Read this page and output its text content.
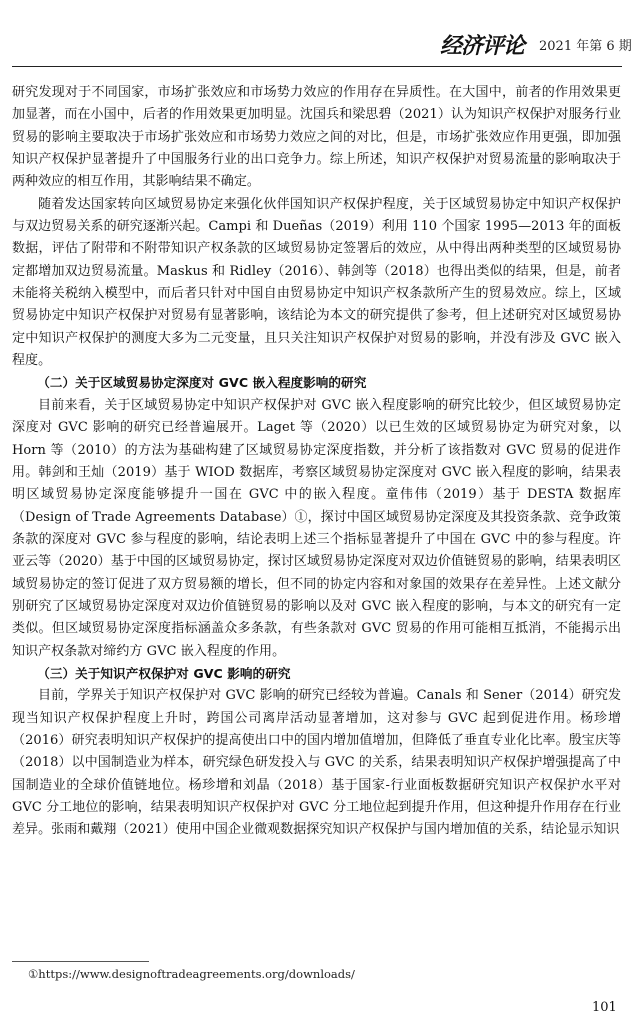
经济评论 2021 年第 6 期

研究发现对于不同国家，市场扩张效应和市场势力效应的作用存在异质性。在大国中，前者的作用效果更加显著，而在小国中，后者的作用效果更加明显。沈国兵和梁思碧（2021）认为知识产权保护对服务行业贸易的影响主要取决于市场扩张效应和市场势力效应之间的对比，但是，市场扩张效应作用更强，即加强知识产权保护显著提升了中国服务行业的出口竞争力。综上所述，知识产权保护对贸易流量的影响取决于两种效应的相互作用，其影响结果不确定。

随着发达国家转向区域贸易协定来强化伙伴国知识产权保护程度，关于区域贸易协定中知识产权保护与双边贸易关系的研究逐渐兴起。Campi 和 Dueñas（2019）利用 110 个国家 1995—2013 年的面板数据，评估了附带和不附带知识产权条款的区域贸易协定签署后的效应，从中得出两种类型的区域贸易协定都增加双边贸易流量。Maskus 和 Ridley（2016）、韩剑等（2018）也得出类似的结果，但是，前者未能将关税纳入模型中，而后者只针对中国自由贸易协定中知识产权条款所产生的贸易效应。综上，区域贸易协定中知识产权保护对贸易有显著影响，该结论为本文的研究提供了参考，但上述研究对区域贸易协定中知识产权保护的测度大多为二元变量，且只关注知识产权保护对贸易的影响，并没有涉及 GVC 嵌入程度。

（二）关于区域贸易协定深度对 GVC 嵌入程度影响的研究

目前来看，关于区域贸易协定中知识产权保护对 GVC 嵌入程度影响的研究比较少，但区域贸易协定深度对 GVC 影响的研究已经普遍展开。Laget 等（2020）以已生效的区域贸易协定为研究对象，以 Horn 等（2010）的方法为基础构建了区域贸易协定深度指数，并分析了该指数对 GVC 贸易的促进作用。韩剑和王灿（2019）基于 WIOD 数据库，考察区域贸易协定深度对 GVC 嵌入程度的影响，结果表明区域贸易协定深度能够提升一国在 GVC 中的嵌入程度。童伟伟（2019）基于 DESTA 数据库（Design of Trade Agreements Database）①，探讨中国区域贸易协定深度及其投资条款、竞争政策条款的深度对 GVC 参与程度的影响，结论表明上述三个指标显著提升了中国在 GVC 中的参与程度。许亚云等（2020）基于中国的区域贸易协定，探讨区域贸易协定深度对双边价值链贸易的影响，结果表明区域贸易协定的签订促进了双方贸易额的增长，但不同的协定内容和对象国的效果存在差异性。上述文献分别研究了区域贸易协定深度对双边价值链贸易的影响以及对 GVC 嵌入程度的影响，与本文的研究有一定类似。但区域贸易协定深度指标涵盖众多条款，有些条款对 GVC 贸易的作用可能相互抵消，不能揭示出知识产权条款对缔约方 GVC 嵌入程度的作用。

（三）关于知识产权保护对 GVC 影响的研究

目前，学界关于知识产权保护对 GVC 影响的研究已经较为普遍。Canals 和 Sener（2014）研究发现当知识产权保护程度上升时，跨国公司离岸活动显著增加，这对参与 GVC 起到促进作用。杨珍增（2016）研究表明知识产权保护的提高使出口中的国内增加值增加，但降低了垂直专业化比率。殷宝庆等（2018）以中国制造业为样本，研究绿色研发投入与 GVC 的关系，结果表明知识产权保护增强提高了中国制造业的全球价值链地位。杨珍增和刘晶（2018）基于国家-行业面板数据研究知识产权保护水平对 GVC 分工地位的影响，结果表明知识产权保护对 GVC 分工地位起到提升作用，但这种提升作用存在行业差异。张雨和戴翔（2021）使用中国企业微观数据探究知识产权保护与国内增加值的关系，结论显示知识

①https://www.designoftradeagreements.org/downloads/
101
